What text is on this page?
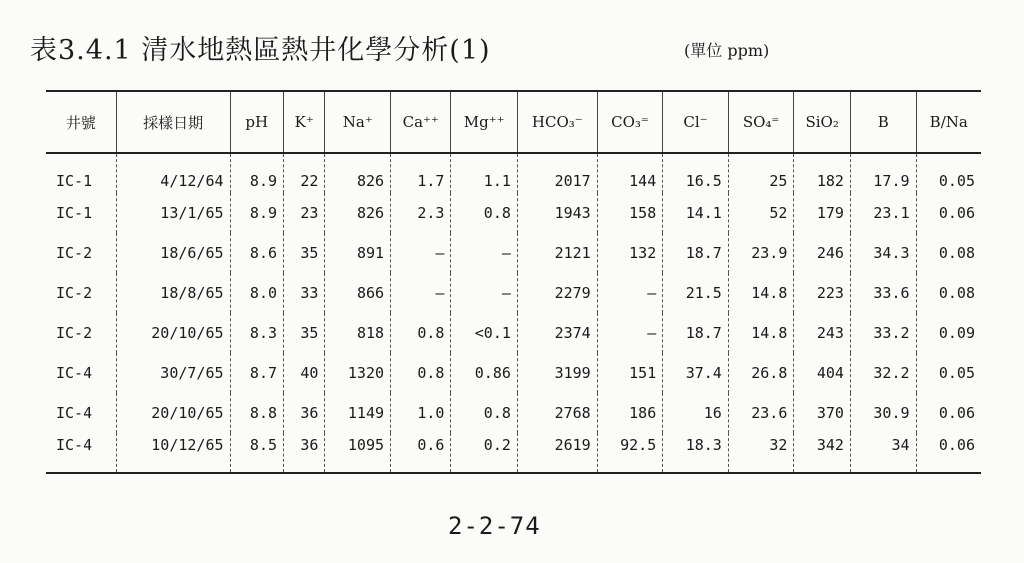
表3.4.1 清水地熱區熱井化學分析(1)	(單位 ppm)
井號	採樣日期	pH	K⁺	Na⁺	Ca⁺⁺	Mg⁺⁺	HCO₃⁻	CO₃⁼	Cl⁻	SO₄⁼	SiO₂	B	B/Na
IC-1	4/12/64	8.9	22	826	1.7	1.1	2017	144	16.5	25	182	17.9	0.05
IC-1	13/1/65	8.9	23	826	2.3	0.8	1943	158	14.1	52	179	23.1	0.06
IC-2	18/6/65	8.6	35	891	—	—	2121	132	18.7	23.9	246	34.3	0.08
IC-2	18/8/65	8.0	33	866	—	—	2279	—	21.5	14.8	223	33.6	0.08
IC-2	20/10/65	8.3	35	818	0.8	<0.1	2374	—	18.7	14.8	243	33.2	0.09
IC-4	30/7/65	8.7	40	1320	0.8	0.86	3199	151	37.4	26.8	404	32.2	0.05
IC-4	20/10/65	8.8	36	1149	1.0	0.8	2768	186	16	23.6	370	30.9	0.06
IC-4	10/12/65	8.5	36	1095	0.6	0.2	2619	92.5	18.3	32	342	34	0.06
2-2-74
